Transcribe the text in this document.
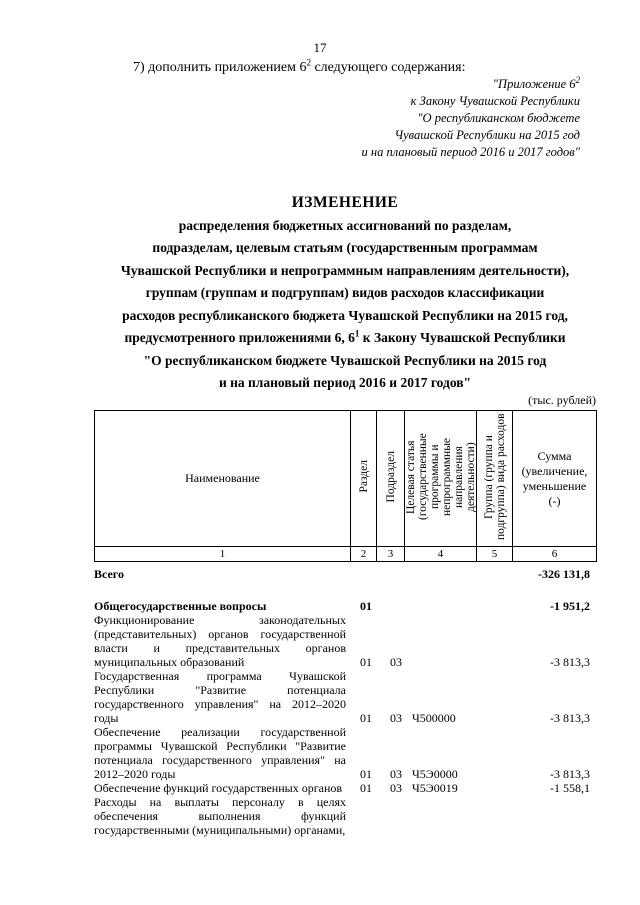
17
7) дополнить приложением $6^2$ следующего содержания:
"Приложение $6^2$
к Закону Чувашской Республики
"О республиканском бюджете
Чувашской Республики на 2015 год
и на плановый период 2016 и 2017 годов"
ИЗМЕНЕНИЕ
распределения бюджетных ассигнований по разделам,
подразделам, целевым статьям (государственным программам
Чувашской Республики и непрограммным направлениям деятельности),
группам (группам и подгруппам) видов расходов классификации
расходов республиканского бюджета Чувашской Республики на 2015 год,
предусмотренного приложениями 6, $6^1$ к Закону Чувашской Республики
"О республиканском бюджете Чувашской Республики на 2015 год
и на плановый период 2016 и 2017 годов"
(тыс. рублей)
Наименование	Раздел	Подраздел	Целевая статья (государственные программы и непрограммные направления деятельности)	Группа (группа и подгруппа) вида расходов	Сумма
(увеличение,
уменьшение
(-)

1	2	3	4	5	6
Всего	-326 131,8
Общегосударственные вопросы	01	-1 951,2
Функционирование законодательных (представительных) органов государственной власти и представительных органов муниципальных образований	01 03	-3 813,3
Государственная программа Чувашской Республики "Развитие потенциала государственного управления" на 2012–2020 годы	01 03 Ч500000	-3 813,3
Обеспечение реализации государственной программы Чувашской Республики "Развитие потенциала государственного управления" на 2012–2020 годы	01 03 Ч5Э0000	-3 813,3
Обеспечение функций государственных органов	01 03 Ч5Э0019	-1 558,1
Расходы на выплаты персоналу в целях обеспечения выполнения функций государственными (муниципальными) органами,
